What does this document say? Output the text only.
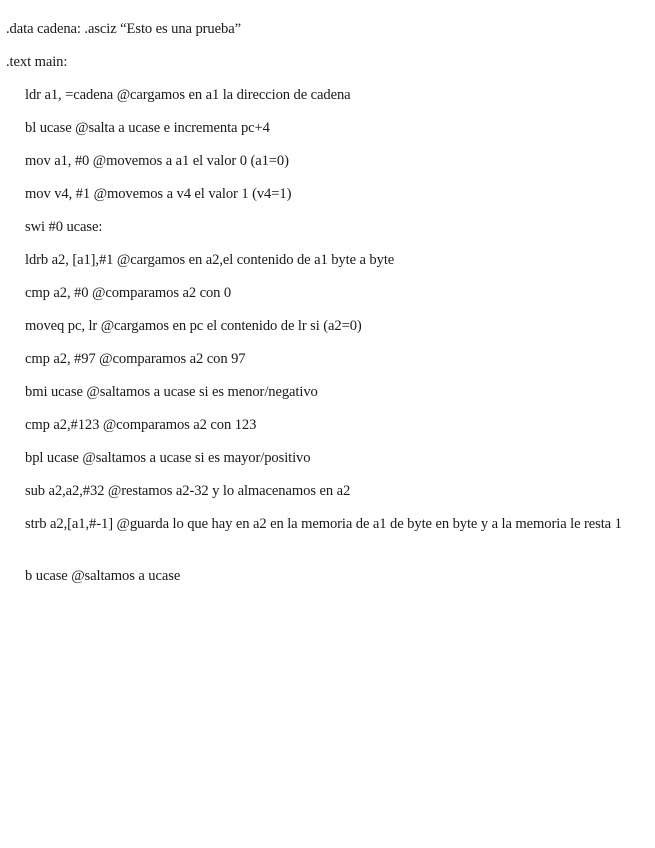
.data cadena: .asciz “Esto es una prueba”
.text main:
ldr a1, =cadena @cargamos en a1 la direccion de cadena
bl ucase @salta a ucase e incrementa pc+4
mov a1, #0 @movemos a a1 el valor 0 (a1=0)
mov v4, #1 @movemos a v4 el valor 1 (v4=1)
swi #0 ucase:
ldrb a2, [a1],#1 @cargamos en a2,el contenido de a1 byte a byte
cmp a2, #0 @comparamos a2 con 0
moveq pc, lr @cargamos en pc el contenido de lr si (a2=0)
cmp a2, #97 @comparamos a2 con 97
bmi ucase @saltamos a ucase si es menor/negativo
cmp a2,#123 @comparamos a2 con 123
bpl ucase @saltamos a ucase si es mayor/positivo
sub a2,a2,#32 @restamos a2-32 y lo almacenamos en a2
strb a2,[a1,#-1] @guarda lo que hay en a2 en la memoria de a1 de byte en byte y a la memoria le resta 1
b ucase @saltamos a ucase
